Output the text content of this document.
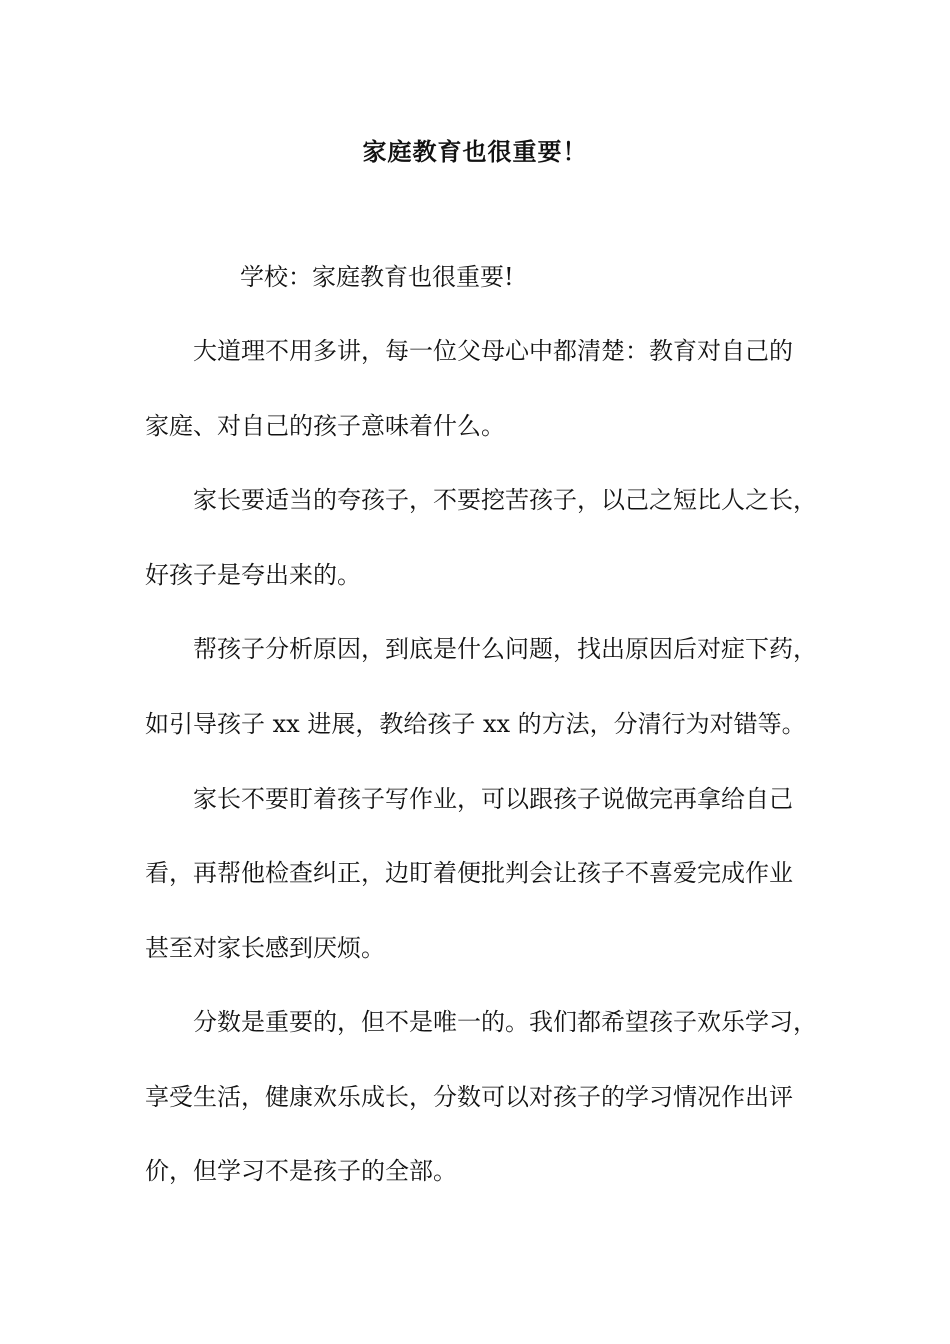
家庭教育也很重要！

学校：家庭教育也很重要!

大道理不用多讲，每一位父母心中都清楚：教育对自己的

家庭、对自己的孩子意味着什么。

家长要适当的夸孩子，不要挖苦孩子，以己之短比人之长，

好孩子是夸出来的。

帮孩子分析原因，到底是什么问题，找出原因后对症下药，

如引导孩子 xx 进展，教给孩子 xx 的方法，分清行为对错等。

家长不要盯着孩子写作业，可以跟孩子说做完再拿给自己

看，再帮他检查纠正，边盯着便批判会让孩子不喜爱完成作业

甚至对家长感到厌烦。

分数是重要的，但不是唯一的。我们都希望孩子欢乐学习，

享受生活，健康欢乐成长，分数可以对孩子的学习情况作出评

价，但学习不是孩子的全部。
